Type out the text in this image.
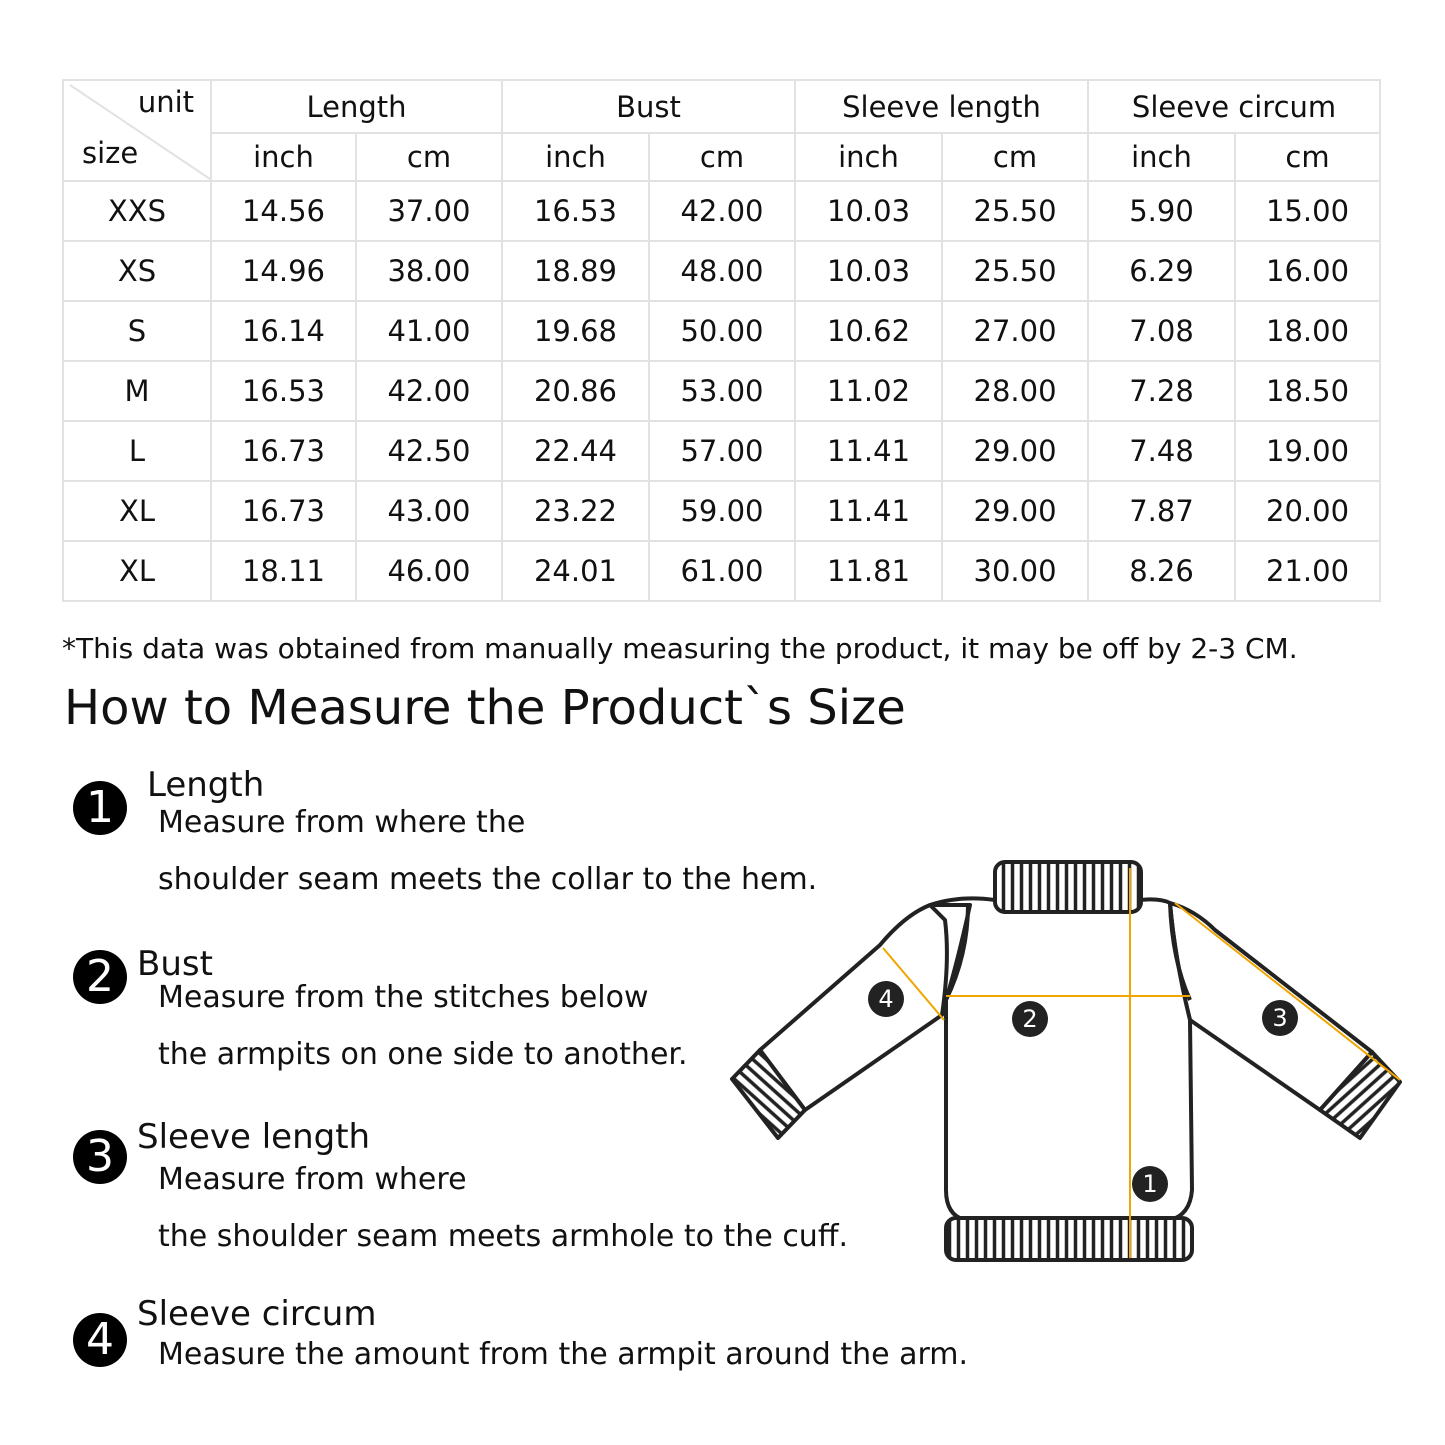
unit
size	Length		Bust		Sleeve length		Sleeve circum	
	inch	cm	inch	cm	inch	cm	inch	cm
XXS	14.56	37.00	16.53	42.00	10.03	25.50	5.90	15.00
XS	14.96	38.00	18.89	48.00	10.03	25.50	6.29	16.00
S	16.14	41.00	19.68	50.00	10.62	27.00	7.08	18.00
M	16.53	42.00	20.86	53.00	11.02	28.00	7.28	18.50
L	16.73	42.50	22.44	57.00	11.41	29.00	7.48	19.00
XL	16.73	43.00	23.22	59.00	11.41	29.00	7.87	20.00
XL	18.11	46.00	24.01	61.00	11.81	30.00	8.26	21.00
*This data was obtained from manually measuring the product, it may be off by 2-3 CM.
How to Measure the Product`s Size
1 Length
Measure from where the
shoulder seam meets the collar to the hem.
2 Bust
Measure from the stitches below
the armpits on one side to another.
3 Sleeve length
Measure from where
the shoulder seam meets armhole to the cuff.
4 Sleeve circum
Measure the amount from the armpit around the arm.
1
2	3
4
